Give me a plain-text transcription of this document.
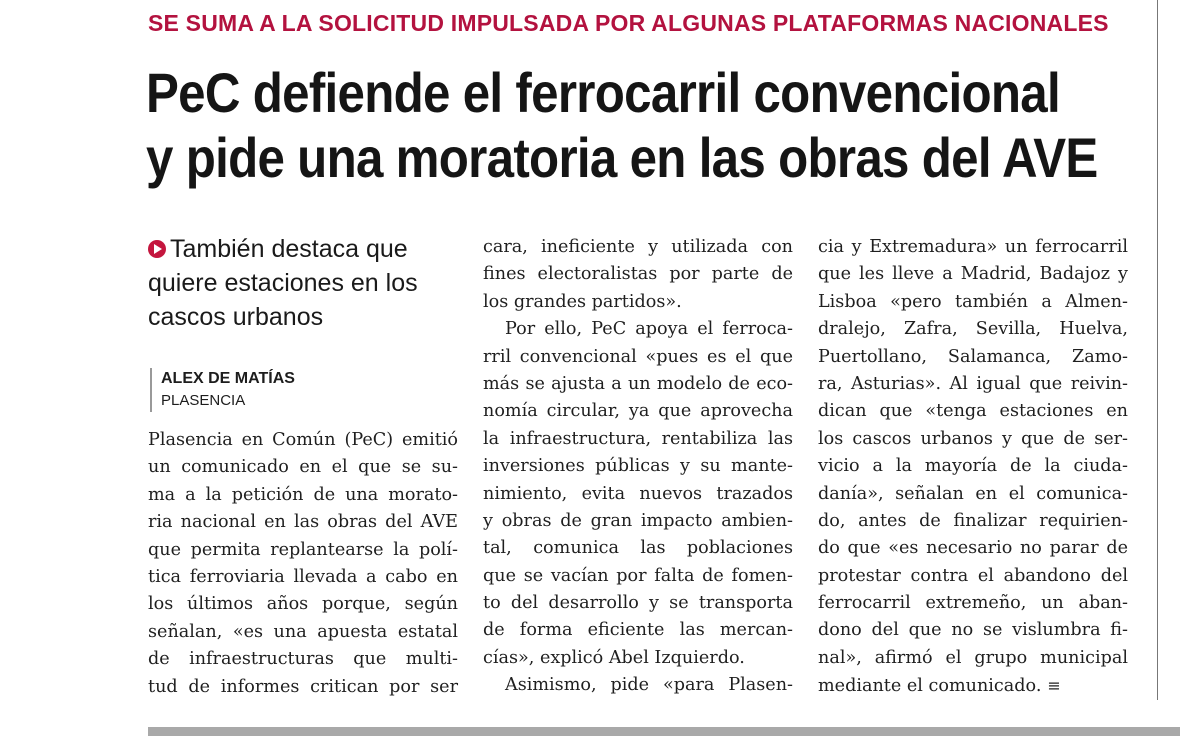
SE SUMA A LA SOLICITUD IMPULSADA POR ALGUNAS PLATAFORMAS NACIONALES
PeC defiende el ferrocarril convencional
y pide una moratoria en las obras del AVE
También destaca que quiere estaciones en los cascos urbanos
ALEX DE MATÍAS
PLASENCIA
Plasencia en Común (PeC) emitió
un comunicado en el que se su-
ma a la petición de una morato-
ria nacional en las obras del AVE
que permita replantearse la polí-
tica ferroviaria llevada a cabo en
los últimos años porque, según
señalan, «es una apuesta estatal
de infraestructuras que multi-
tud de informes critican por ser
cara, ineficiente y utilizada con
fines electoralistas por parte de
los grandes partidos».
Por ello, PeC apoya el ferroca-
rril convencional «pues es el que
más se ajusta a un modelo de eco-
nomía circular, ya que aprovecha
la infraestructura, rentabiliza las
inversiones públicas y su mante-
nimiento, evita nuevos trazados
y obras de gran impacto ambien-
tal, comunica las poblaciones
que se vacían por falta de fomen-
to del desarrollo y se transporta
de forma eficiente las mercan-
cías», explicó Abel Izquierdo.
Asimismo, pide «para Plasen-
cia y Extremadura» un ferrocarril
que les lleve a Madrid, Badajoz y
Lisboa «pero también a Almen-
dralejo, Zafra, Sevilla, Huelva,
Puertollano, Salamanca, Zamo-
ra, Asturias». Al igual que reivin-
dican que «tenga estaciones en
los cascos urbanos y que de ser-
vicio a la mayoría de la ciuda-
danía», señalan en el comunica-
do, antes de finalizar requirien-
do que «es necesario no parar de
protestar contra el abandono del
ferrocarril extremeño, un aban-
dono del que no se vislumbra fi-
nal», afirmó el grupo municipal
mediante el comunicado. ≡
